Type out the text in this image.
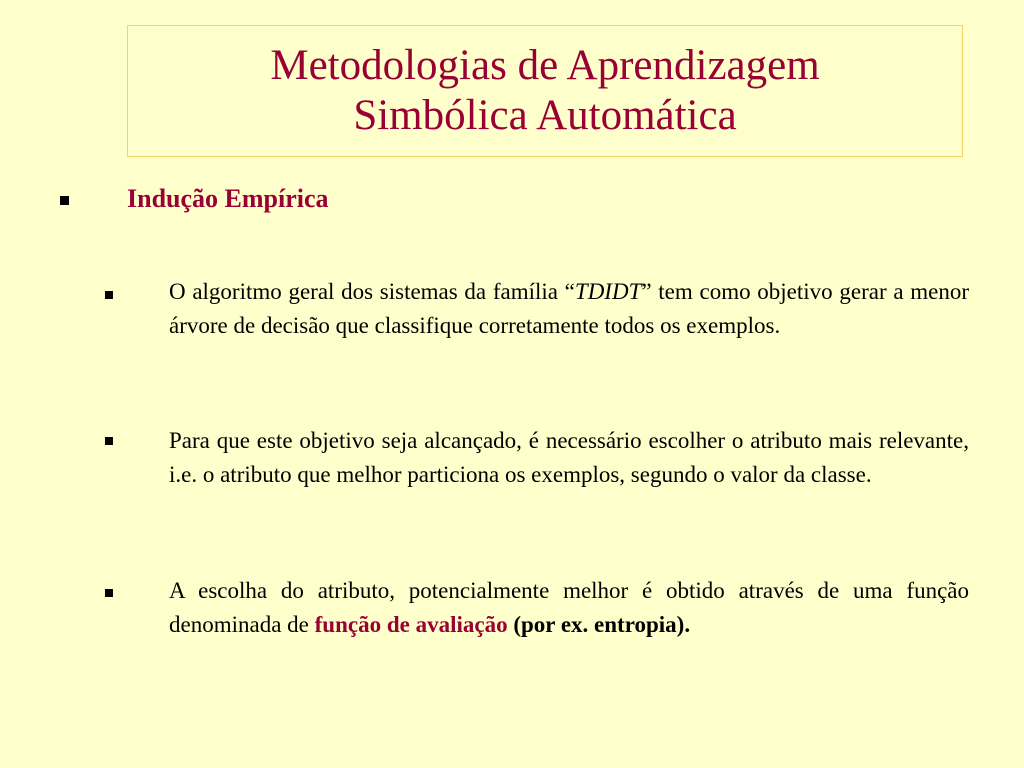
Metodologias de Aprendizagem
Simbólica Automática
Indução Empírica
O algoritmo geral dos sistemas da família “TDIDT” tem como objetivo gerar a menor árvore de decisão que classifique corretamente todos os exemplos.
Para que este objetivo seja alcançado, é necessário escolher o atributo mais relevante, i.e. o atributo que melhor particiona os exemplos, segundo o valor da classe.
A escolha do atributo, potencialmente melhor é obtido através de uma função denominada de função de avaliação (por ex. entropia).
